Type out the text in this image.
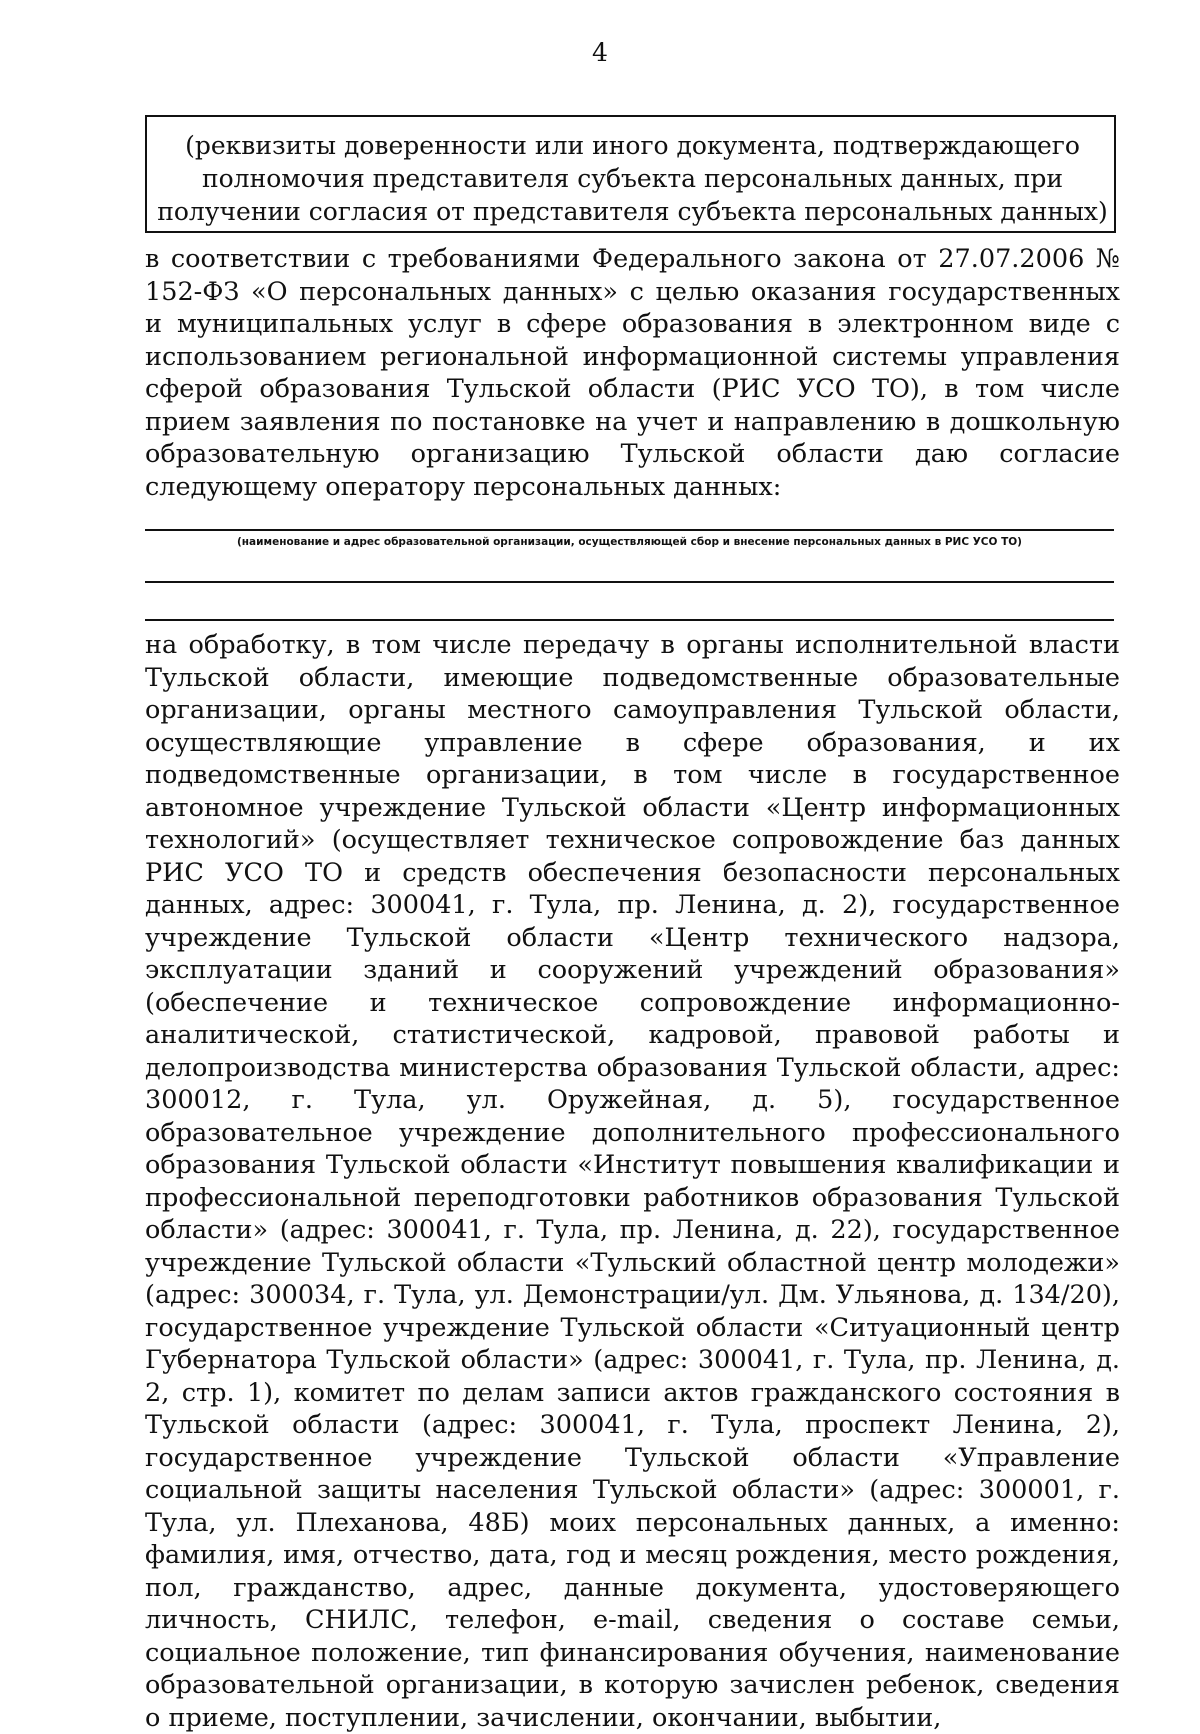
4
(реквизиты доверенности или иного документа, подтверждающего полномочия представителя субъекта персональных данных, при получении согласия от представителя субъекта персональных данных)
в соответствии с требованиями Федерального закона от 27.07.2006 № 152-ФЗ «О персональных данных» с целью оказания государственных и муниципальных услуг в сфере образования в электронном виде с использованием региональной информационной системы управления сферой образования Тульской области (РИС УСО ТО), в том числе прием заявления по постановке на учет и направлению в дошкольную образовательную организацию Тульской области даю согласие следующему оператору персональных данных:
(наименование и адрес образовательной организации, осуществляющей сбор и внесение персональных данных в РИС УСО ТО)
на обработку, в том числе передачу в органы исполнительной власти Тульской области, имеющие подведомственные образовательные организации, органы местного самоуправления Тульской области, осуществляющие управление в сфере образования, и их подведомственные организации, в том числе в государственное автономное учреждение Тульской области «Центр информационных технологий» (осуществляет техническое сопровождение баз данных РИС УСО ТО и средств обеспечения безопасности персональных данных, адрес: 300041, г. Тула, пр. Ленина, д. 2), государственное учреждение Тульской области «Центр технического надзора, эксплуатации зданий и сооружений учреждений образования» (обеспечение и техническое сопровождение информационно-аналитической, статистической, кадровой, правовой работы и делопроизводства министерства образования Тульской области, адрес: 300012, г. Тула, ул. Оружейная, д. 5), государственное образовательное учреждение дополнительного профессионального образования Тульской области «Институт повышения квалификации и профессиональной переподготовки работников образования Тульской области» (адрес: 300041, г. Тула, пр. Ленина, д. 22), государственное учреждение Тульской области «Тульский областной центр молодежи» (адрес: 300034, г. Тула, ул. Демонстрации/ул. Дм. Ульянова, д. 134/20), государственное учреждение Тульской области «Ситуационный центр Губернатора Тульской области» (адрес: 300041, г. Тула, пр. Ленина, д. 2, стр. 1), комитет по делам записи актов гражданского состояния в Тульской области (адрес: 300041, г. Тула, проспект Ленина, 2), государственное учреждение Тульской области «Управление социальной защиты населения Тульской области» (адрес: 300001, г. Тула, ул. Плеханова, 48Б) моих персональных данных, а именно: фамилия, имя, отчество, дата, год и месяц рождения, место рождения, пол, гражданство, адрес, данные документа, удостоверяющего личность, СНИЛС, телефон, e-mail, сведения о составе семьи, социальное положение, тип финансирования обучения, наименование образовательной организации, в которую зачислен ребенок, сведения о приеме, поступлении, зачислении, окончании, выбытии,
